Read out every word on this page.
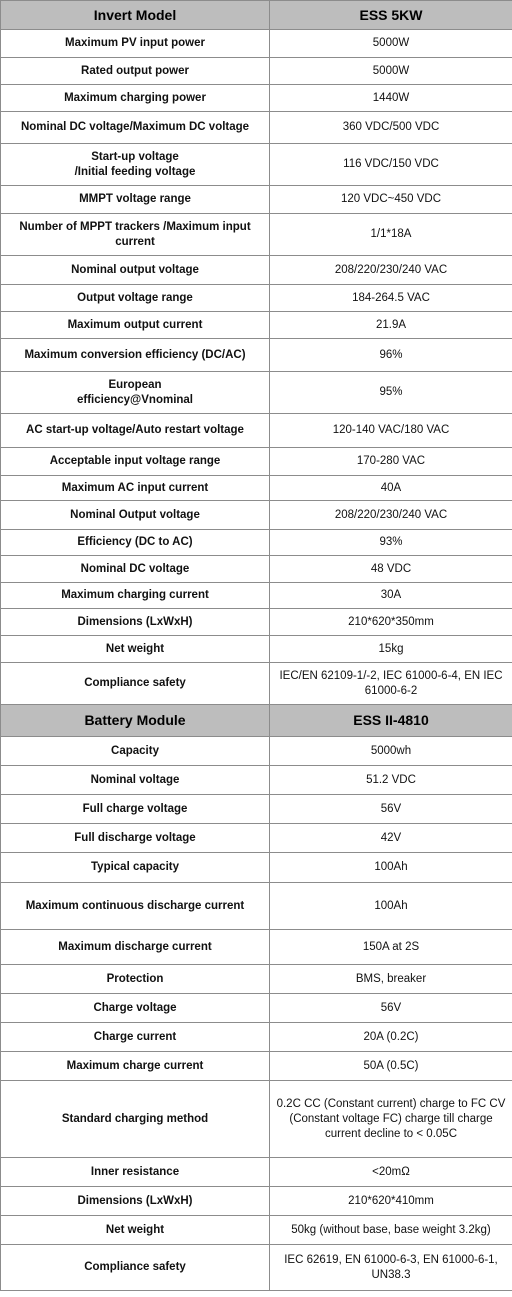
Invert Model	ESS 5KW
Maximum PV input power	5000W
Rated output power	5000W
Maximum charging power	1440W
Nominal DC voltage/Maximum DC voltage	360 VDC/500 VDC
Start-up voltage
/Initial feeding voltage	116 VDC/150 VDC
MMPT voltage range	120 VDC~450 VDC
Number of MPPT trackers /Maximum input current	1/1*18A
Nominal output voltage	208/220/230/240 VAC
Output voltage range	184-264.5 VAC
Maximum output current	21.9A
Maximum conversion efficiency (DC/AC)	96%
European
efficiency@Vnominal	95%
AC start-up voltage/Auto restart voltage	120-140 VAC/180 VAC
Acceptable input voltage range	170-280 VAC
Maximum AC input current	40A
Nominal Output voltage	208/220/230/240 VAC
Efficiency (DC to AC)	93%
Nominal DC voltage	48 VDC
Maximum charging current	30A
Dimensions (LxWxH)	210*620*350mm
Net weight	15kg
Compliance safety	IEC/EN 62109-1/-2, IEC 61000-6-4, EN IEC 61000-6-2
Battery Module	ESS II-4810
Capacity	5000wh
Nominal voltage	51.2 VDC
Full charge voltage	56V
Full discharge voltage	42V
Typical capacity	100Ah
Maximum continuous discharge current	100Ah
Maximum discharge current	150A at 2S
Protection	BMS, breaker
Charge voltage	56V
Charge current	20A (0.2C)
Maximum charge current	50A (0.5C)
Standard charging method	0.2C CC (Constant current) charge to FC CV (Constant voltage FC) charge till charge
current decline to < 0.05C
Inner resistance	<20mΩ
Dimensions (LxWxH)	210*620*410mm
Net weight	50kg (without base, base weight 3.2kg)
Compliance safety	IEC 62619, EN 61000-6-3, EN 61000-6-1, UN38.3
